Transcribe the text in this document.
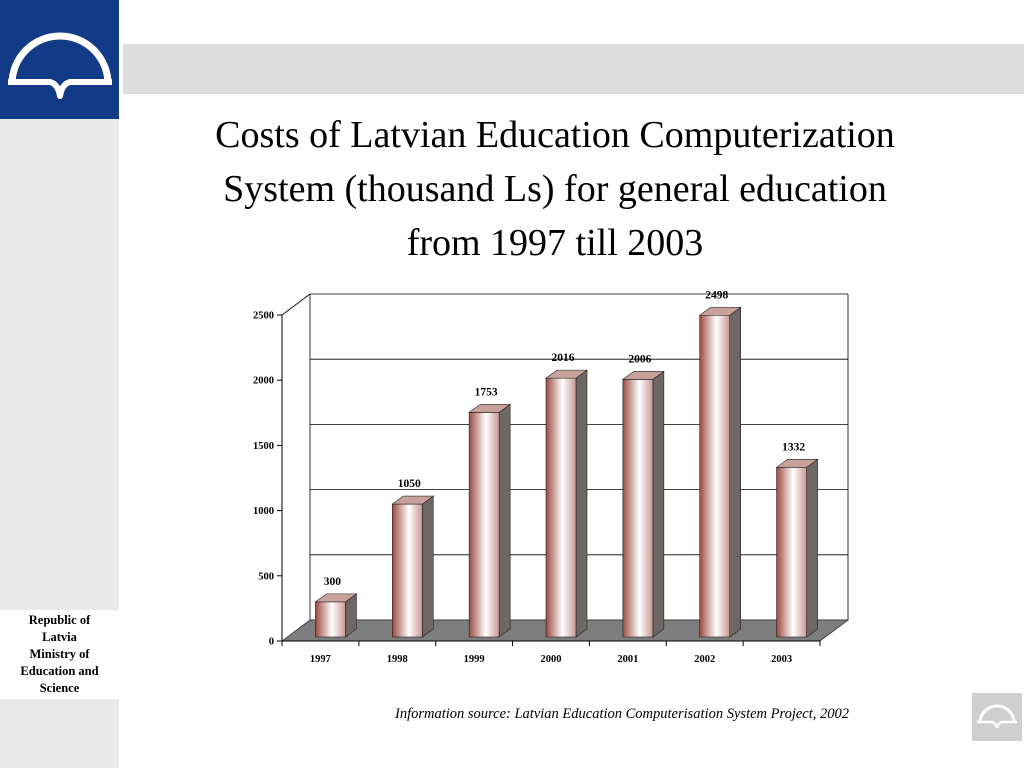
Costs of Latvian Education Computerization
System (thousand Ls) for general education
from 1997 till 2003
Republic of
Latvia
Ministry of
Education and
Science
0
500
1000
1500
2000
2500
300
1997
1050
1998
1753
1999
2016
2000
2006
2001
2498
2002
1332
2003
Information source: Latvian Education Computerisation System Project, 2002
